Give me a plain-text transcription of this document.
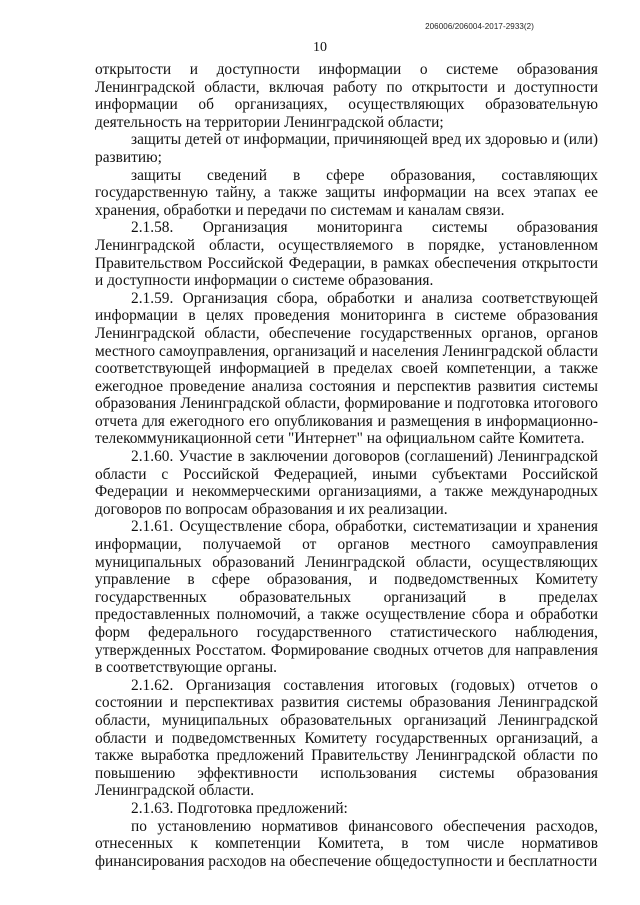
206006/206004-2017-2933(2)
10

открытости и доступности информации о системе образования Ленинградской области, включая работу по открытости и доступности информации об организациях, осуществляющих образовательную деятельность на территории Ленинградской области;

защиты детей от информации, причиняющей вред их здоровью и (или) развитию;

защиты сведений в сфере образования, составляющих государственную тайну, а также защиты информации на всех этапах ее хранения, обработки и передачи по системам и каналам связи.

2.1.58. Организация мониторинга системы образования Ленинградской области, осуществляемого в порядке, установленном Правительством Российской Федерации, в рамках обеспечения открытости и доступности информации о системе образования.

2.1.59. Организация сбора, обработки и анализа соответствующей информации в целях проведения мониторинга в системе образования Ленинградской области, обеспечение государственных органов, органов местного самоуправления, организаций и населения Ленинградской области соответствующей информацией в пределах своей компетенции, а также ежегодное проведение анализа состояния и перспектив развития системы образования Ленинградской области, формирование и подготовка итогового отчета для ежегодного его опубликования и размещения в информационно-телекоммуникационной сети "Интернет" на официальном сайте Комитета.

2.1.60. Участие в заключении договоров (соглашений) Ленинградской области с Российской Федерацией, иными субъектами Российской Федерации и некоммерческими организациями, а также международных договоров по вопросам образования и их реализации.

2.1.61. Осуществление сбора, обработки, систематизации и хранения информации, получаемой от органов местного самоуправления муниципальных образований Ленинградской области, осуществляющих управление в сфере образования, и подведомственных Комитету государственных образовательных организаций в пределах предоставленных полномочий, а также осуществление сбора и обработки форм федерального государственного статистического наблюдения, утвержденных Росстатом. Формирование сводных отчетов для направления в соответствующие органы.

2.1.62. Организация составления итоговых (годовых) отчетов о состоянии и перспективах развития системы образования Ленинградской области, муниципальных образовательных организаций Ленинградской области и подведомственных Комитету государственных организаций, а также выработка предложений Правительству Ленинградской области по повышению эффективности использования системы образования Ленинградской области.

2.1.63. Подготовка предложений:

по установлению нормативов финансового обеспечения расходов, отнесенных к компетенции Комитета, в том числе нормативов финансирования расходов на обеспечение общедоступности и бесплатности
